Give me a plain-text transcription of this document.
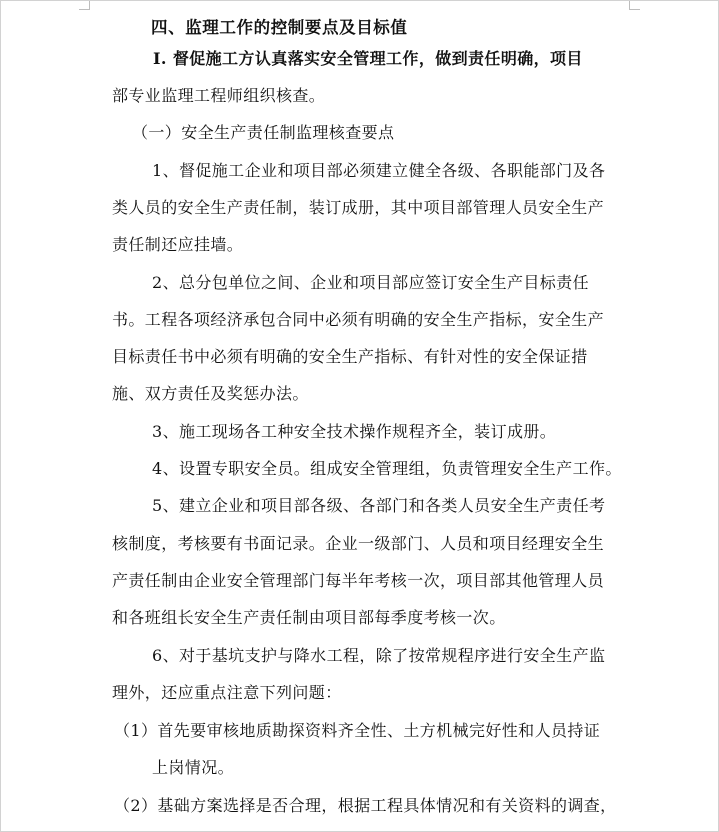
四、监理工作的控制要点及目标值
I. 督促施工方认真落实安全管理工作，做到责任明确，项目
部专业监理工程师组织核查。
（一）安全生产责任制监理核查要点
1、督促施工企业和项目部必须建立健全各级、各职能部门及各
类人员的安全生产责任制，装订成册，其中项目部管理人员安全生产
责任制还应挂墙。
2、总分包单位之间、企业和项目部应签订安全生产目标责任
书。工程各项经济承包合同中必须有明确的安全生产指标，安全生产
目标责任书中必须有明确的安全生产指标、有针对性的安全保证措
施、双方责任及奖惩办法。
3、施工现场各工种安全技术操作规程齐全，装订成册。
4、设置专职安全员。组成安全管理组，负责管理安全生产工作。
5、建立企业和项目部各级、各部门和各类人员安全生产责任考
核制度，考核要有书面记录。企业一级部门、人员和项目经理安全生
产责任制由企业安全管理部门每半年考核一次，项目部其他管理人员
和各班组长安全生产责任制由项目部每季度考核一次。
6、对于基坑支护与降水工程，除了按常规程序进行安全生产监
理外，还应重点注意下列问题：
（1）首先要审核地质勘探资料齐全性、土方机械完好性和人员持证
上岗情况。
（2）基础方案选择是否合理，根据工程具体情况和有关资料的调查，
